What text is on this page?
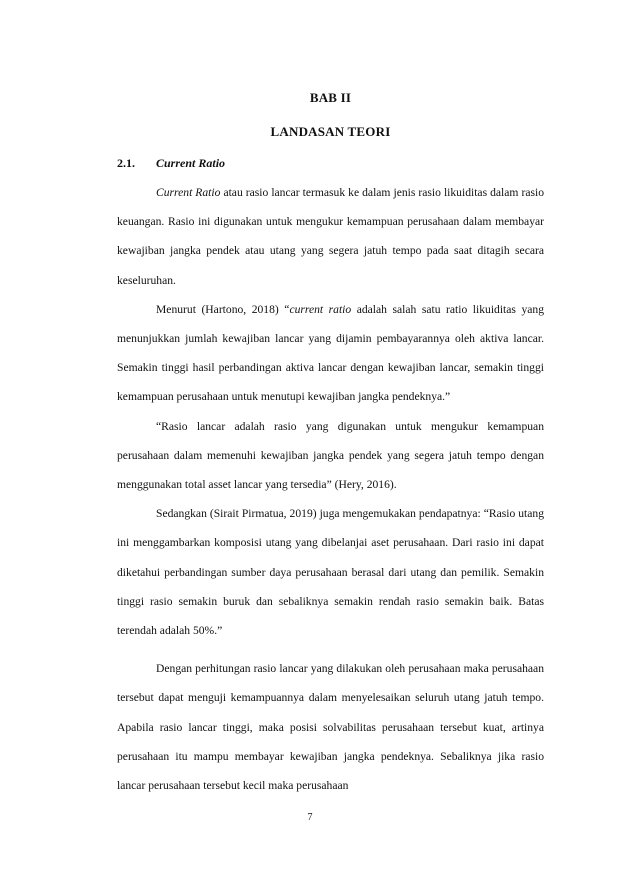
BAB II
LANDASAN TEORI
2.1. Current Ratio

Current Ratio atau rasio lancar termasuk ke dalam jenis rasio likuiditas dalam rasio keuangan. Rasio ini digunakan untuk mengukur kemampuan perusahaan dalam membayar kewajiban jangka pendek atau utang yang segera jatuh tempo pada saat ditagih secara keseluruhan.

Menurut (Hartono, 2018) “current ratio adalah salah satu ratio likuiditas yang menunjukkan jumlah kewajiban lancar yang dijamin pembayarannya oleh aktiva lancar. Semakin tinggi hasil perbandingan aktiva lancar dengan kewajiban lancar, semakin tinggi kemampuan perusahaan untuk menutupi kewajiban jangka pendeknya.”

“Rasio lancar adalah rasio yang digunakan untuk mengukur kemampuan perusahaan dalam memenuhi kewajiban jangka pendek yang segera jatuh tempo dengan menggunakan total asset lancar yang tersedia” (Hery, 2016).

Sedangkan (Sirait Pirmatua, 2019) juga mengemukakan pendapatnya: “Rasio utang ini menggambarkan komposisi utang yang dibelanjai aset perusahaan. Dari rasio ini dapat diketahui perbandingan sumber daya perusahaan berasal dari utang dan pemilik. Semakin tinggi rasio semakin buruk dan sebaliknya semakin rendah rasio semakin baik. Batas terendah adalah 50%.”

Dengan perhitungan rasio lancar yang dilakukan oleh perusahaan maka perusahaan tersebut dapat menguji kemampuannya dalam menyelesaikan seluruh utang jatuh tempo. Apabila rasio lancar tinggi, maka posisi solvabilitas perusahaan tersebut kuat, artinya perusahaan itu mampu membayar kewajiban jangka pendeknya. Sebaliknya jika rasio lancar perusahaan tersebut kecil maka perusahaan

7
